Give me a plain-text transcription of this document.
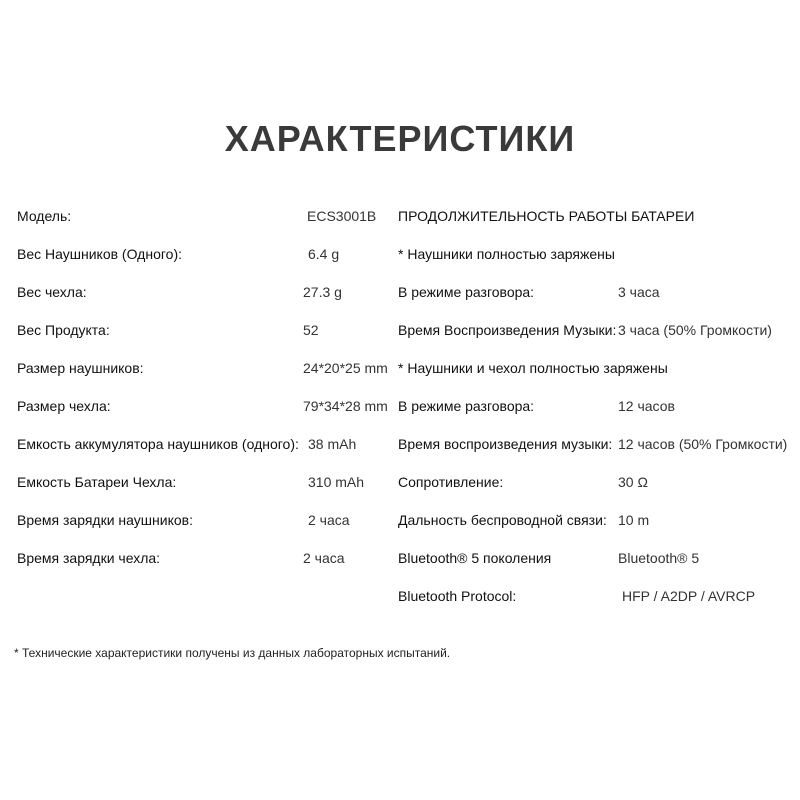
ХАРАКТЕРИСТИКИ
Модель:	ECS3001B
Вес Наушников (Одного):	6.4 g
Вес чехла:	27.3 g
Вес Продукта:	52
Размер наушников:	24*20*25 mm
Размер чехла:	79*34*28 mm
Емкость аккумулятора наушников (одного): 38 mAh
Емкость Батареи Чехла:	310 mAh
Время зарядки наушников:	2 часа
Время зарядки чехла:	2 часа
ПРОДОЛЖИТЕЛЬНОСТЬ РАБОТЫ БАТАРЕИ
* Наушники полностью заряжены
В режиме разговора:	3 часа
Время Воспроизведения Музыки: 3 часа (50% Громкости)
* Наушники и чехол полностью заряжены
В режиме разговора:	12 часов
Время воспроизведения музыки: 12 часов (50% Громкости)
Сопротивление:	30 Ω
Дальность беспроводной связи: 10 m
Bluetooth® 5 поколения	Bluetooth® 5
Bluetooth Protocol:	HFP / A2DP / AVRCP
* Технические характеристики получены из данных лабораторных испытаний.
